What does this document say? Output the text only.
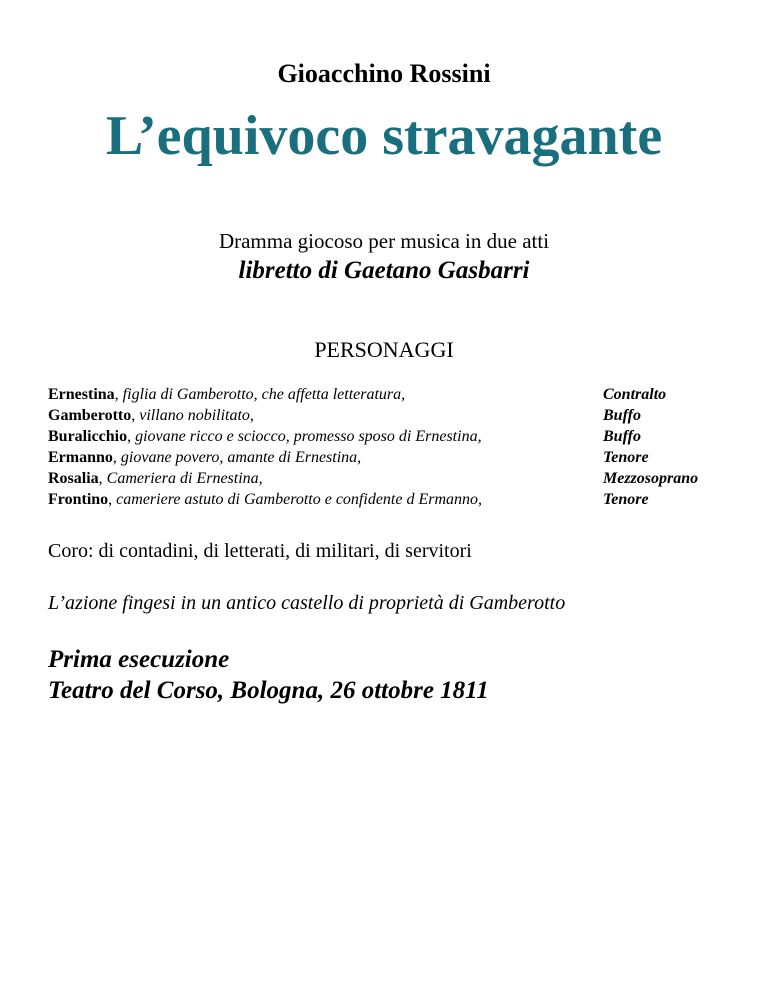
Gioacchino Rossini
L’equivoco stravagante
Dramma giocoso per musica in due atti
libretto di Gaetano Gasbarri
PERSONAGGI
Ernestina, figlia di Gamberotto, che affetta letteratura,	Contralto
Gamberotto, villano nobilitato,	Buffo
Buralicchio, giovane ricco e sciocco, promesso sposo di Ernestina,	Buffo
Ermanno, giovane povero, amante di Ernestina,	Tenore
Rosalia, Cameriera di Ernestina,	Mezzosoprano
Frontino, cameriere astuto di Gamberotto e confidente d Ermanno,	Tenore
Coro: di contadini, di letterati, di militari, di servitori
L’azione fingesi in un antico castello di proprietà di Gamberotto
Prima esecuzione
Teatro del Corso, Bologna, 26 ottobre 1811
